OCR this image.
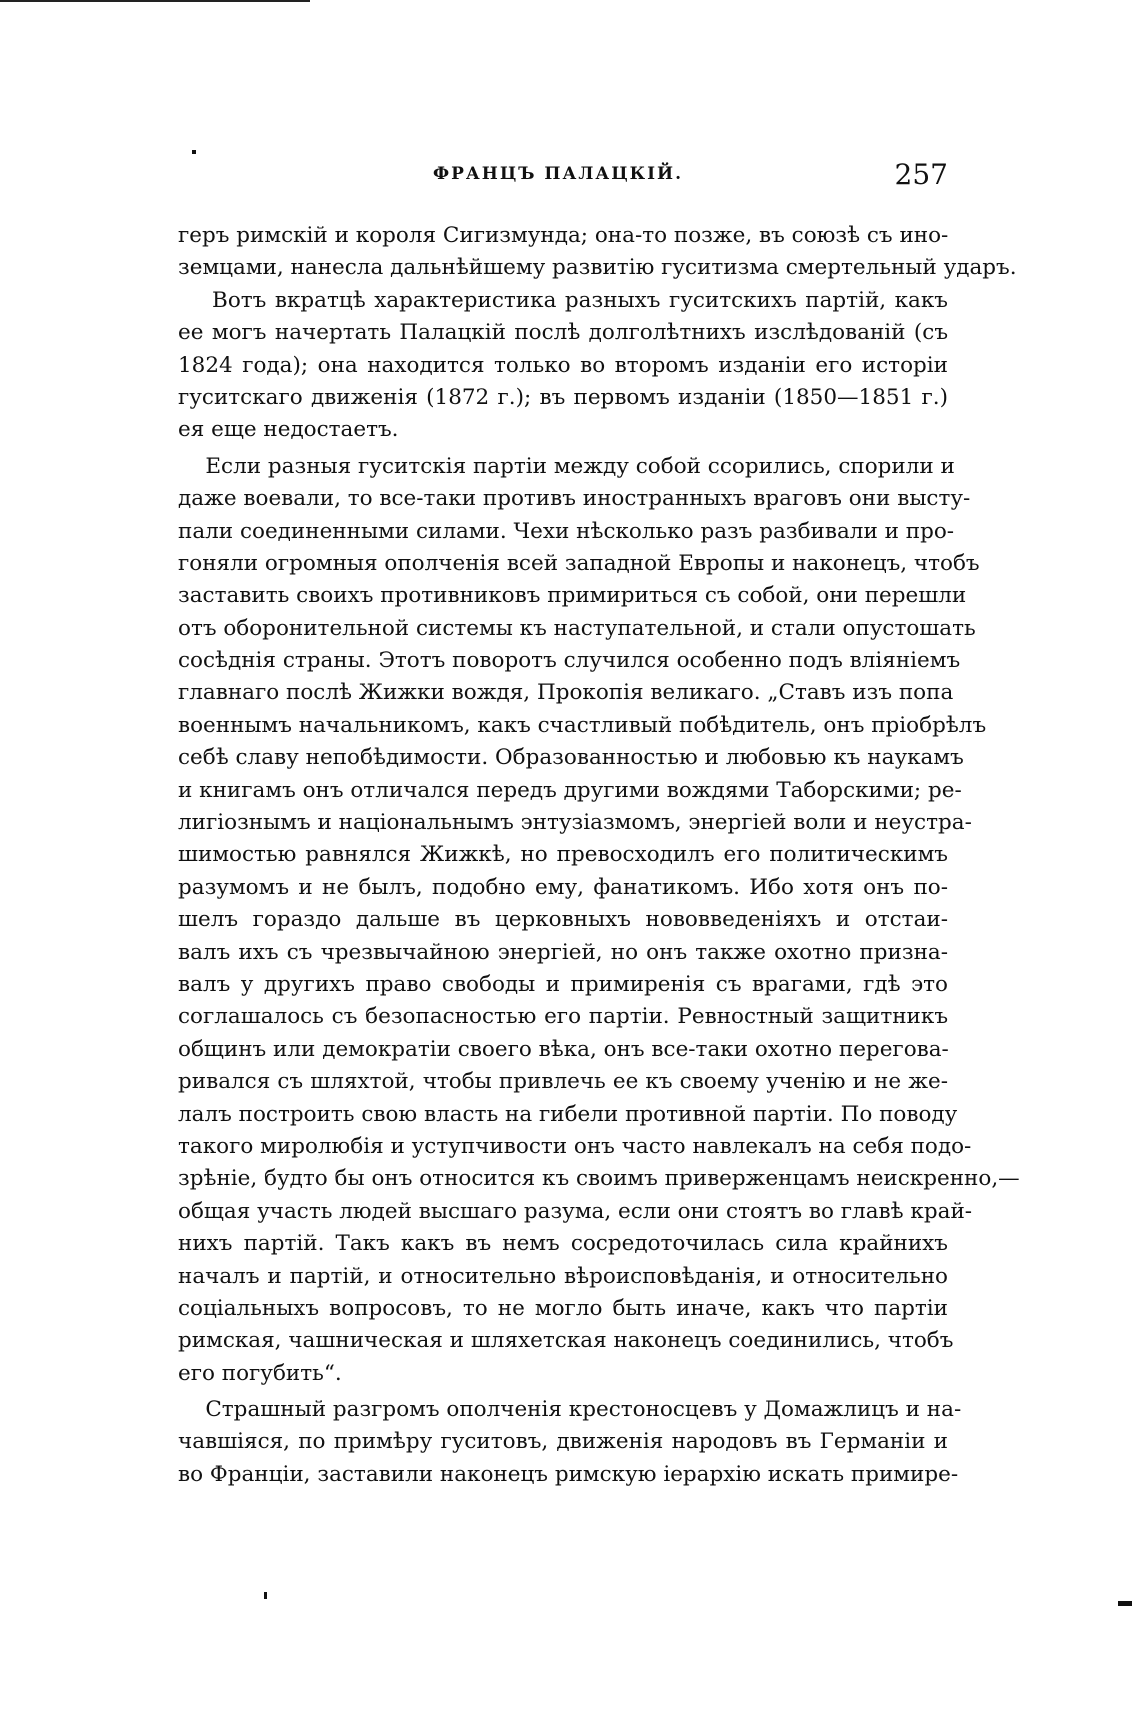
ФРАНЦЪ ПАЛАЦКІЙ.	257
геръ римскій и короля Сигизмунда; она-то позже, въ союзѣ съ ино-
земцами, нанесла дальнѣйшему развитію гуситизма смертельный ударъ.
Вотъ вкратцѣ характеристика разныхъ гуситскихъ партій, какъ
ее могъ начертать Палацкій послѣ долголѣтнихъ изслѣдованій (съ
1824 года); она находится только во второмъ изданіи его исторіи
гуситскаго движенія (1872 г.); въ первомъ изданіи (1850—1851 г.)
ея еще недостаетъ.
Если разныя гуситскія партіи между собой ссорились, спорили и
даже воевали, то все-таки противъ иностранныхъ враговъ они высту-
пали соединенными силами. Чехи нѣсколько разъ разбивали и про-
гоняли огромныя ополченія всей западной Европы и наконецъ, чтобъ
заставить своихъ противниковъ примириться съ собой, они перешли
отъ оборонительной системы къ наступательной, и стали опустошать
сосѣднія страны. Этотъ поворотъ случился особенно подъ вліяніемъ
главнаго послѣ Жижки вождя, Прокопія великаго. „Ставъ изъ попа
военнымъ начальникомъ, какъ счастливый побѣдитель, онъ пріобрѣлъ
себѣ славу непобѣдимости. Образованностью и любовью къ наукамъ
и книгамъ онъ отличался передъ другими вождями Таборскими; ре-
лигіознымъ и національнымъ энтузіазмомъ, энергіей воли и неустра-
шимостью равнялся Жижкѣ, но превосходилъ его политическимъ
разумомъ и не былъ, подобно ему, фанатикомъ. Ибо хотя онъ по-
шелъ гораздо дальше въ церковныхъ нововведеніяхъ и отстаи-
валъ ихъ съ чрезвычайною энергіей, но онъ также охотно призна-
валъ у другихъ право свободы и примиренія съ врагами, гдѣ это
соглашалось съ безопасностью его партіи. Ревностный защитникъ
общинъ или демократіи своего вѣка, онъ все-таки охотно перегова-
ривался съ шляхтой, чтобы привлечь ее къ своему ученію и не же-
лалъ построить свою власть на гибели противной партіи. По поводу
такого миролюбія и уступчивости онъ часто навлекалъ на себя подо-
зрѣніе, будто бы онъ относится къ своимъ приверженцамъ неискренно,—
общая участь людей высшаго разума, если они стоятъ во главѣ край-
нихъ партій. Такъ какъ въ немъ сосредоточилась сила крайнихъ
началъ и партій, и относительно вѣроисповѣданія, и относительно
соціальныхъ вопросовъ, то не могло быть иначе, какъ что партіи
римская, чашническая и шляхетская наконецъ соединились, чтобъ
его погубить“.
Страшный разгромъ ополченія крестоносцевъ у Домажлицъ и на-
чавшіяся, по примѣру гуситовъ, движенія народовъ въ Германіи и
во Франціи, заставили наконецъ римскую іерархію искать примире-
